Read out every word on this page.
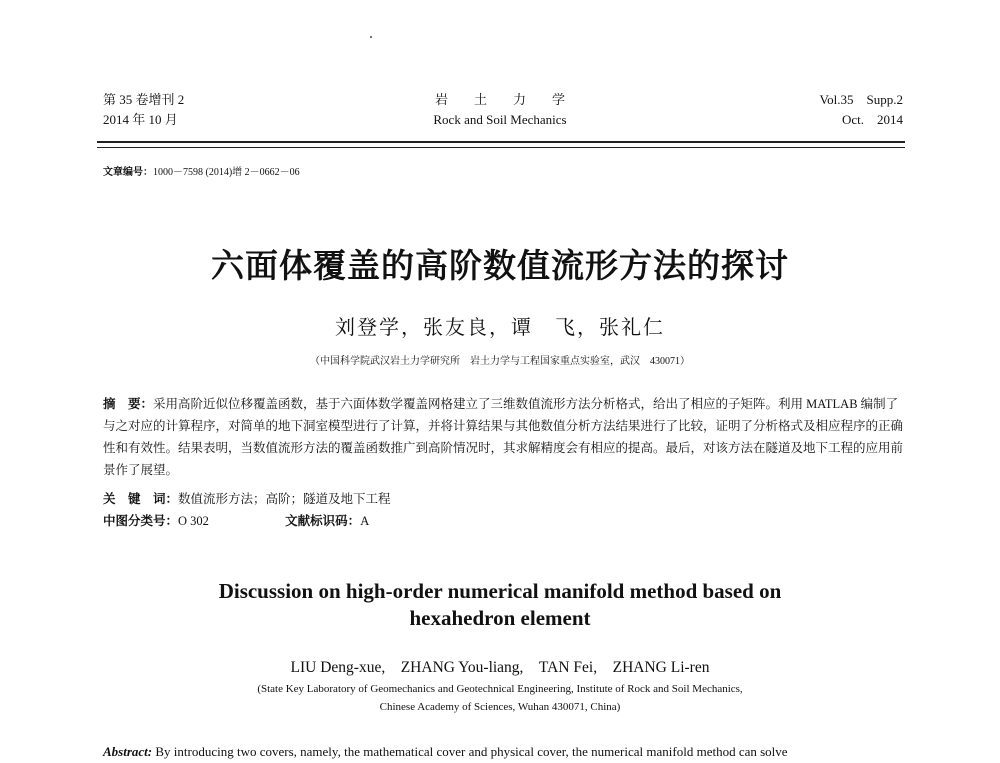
第 35 卷增刊 2
2014 年 10 月
岩　　土　　力　　学
Rock and Soil Mechanics
Vol.35　Supp.2
Oct.　2014
文章编号：1000－7598 (2014)增 2－0662－06
六面体覆盖的高阶数值流形方法的探讨
刘登学，张友良，谭　飞，张礼仁
（中国科学院武汉岩土力学研究所　岩土力学与工程国家重点实验室，武汉　430071）
摘　要：采用高阶近似位移覆盖函数，基于六面体数学覆盖网格建立了三维数值流形方法分析格式，给出了相应的子矩阵。利用 MATLAB 编制了与之对应的计算程序，对简单的地下洞室模型进行了计算，并将计算结果与其他数值分析方法结果进行了比较，证明了分析格式及相应程序的正确性和有效性。结果表明，当数值流形方法的覆盖函数推广到高阶情况时，其求解精度会有相应的提高。最后，对该方法在隧道及地下工程的应用前景作了展望。
关　键　词：数值流形方法；高阶；隧道及地下工程
中图分类号：O 302	文献标识码：A
Discussion on high-order numerical manifold method based on
hexahedron element
LIU Deng-xue,　ZHANG You-liang,　TAN Fei,　ZHANG Li-ren
(State Key Laboratory of Geomechanics and Geotechnical Engineering, Institute of Rock and Soil Mechanics,
Chinese Academy of Sciences, Wuhan 430071, China)
Abstract: By introducing two covers, namely, the mathematical cover and physical cover, the numerical manifold method can solve
